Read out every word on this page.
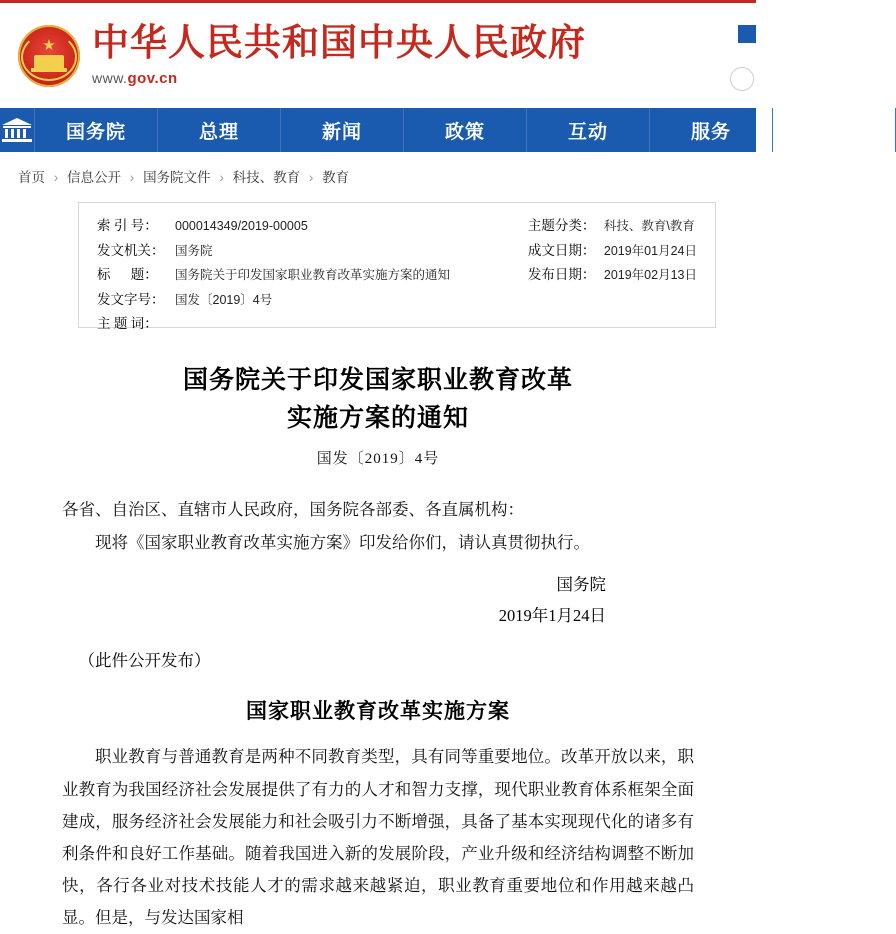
★ 中华人民共和国中央人民政府
www.gov.cn
国务院	总理	新闻	政策	互动	服务	数据
首页 › 信息公开 › 国务院文件 › 科技、教育 › 教育
索 引 号：	000014349/2019-00005
发文机关： 国务院
标 　 题：	国务院关于印发国家职业教育改革实施方案的通知
发文字号： 国发〔2019〕4号
主 题 词：
主题分类： 科技、教育\教育
成文日期： 2019年01月24日
发布日期： 2019年02月13日
国务院关于印发国家职业教育改革
实施方案的通知
国发〔2019〕4号

各省、自治区、直辖市人民政府，国务院各部委、各直属机构：

现将《国家职业教育改革实施方案》印发给你们，请认真贯彻执行。

国务院
2019年1月24日
（此件公开发布）
国家职业教育改革实施方案
职业教育与普通教育是两种不同教育类型，具有同等重要地位。改革开放以来，职业教育为我国经济社会发展提供了有力的人才和智力支撑，现代职业教育体系框架全面建成，服务经济社会发展能力和社会吸引力不断增强，具备了基本实现现代化的诸多有利条件和良好工作基础。随着我国进入新的发展阶段，产业升级和经济结构调整不断加快，各行各业对技术技能人才的需求越来越紧迫，职业教育重要地位和作用越来越凸显。但是，与发达国家相
